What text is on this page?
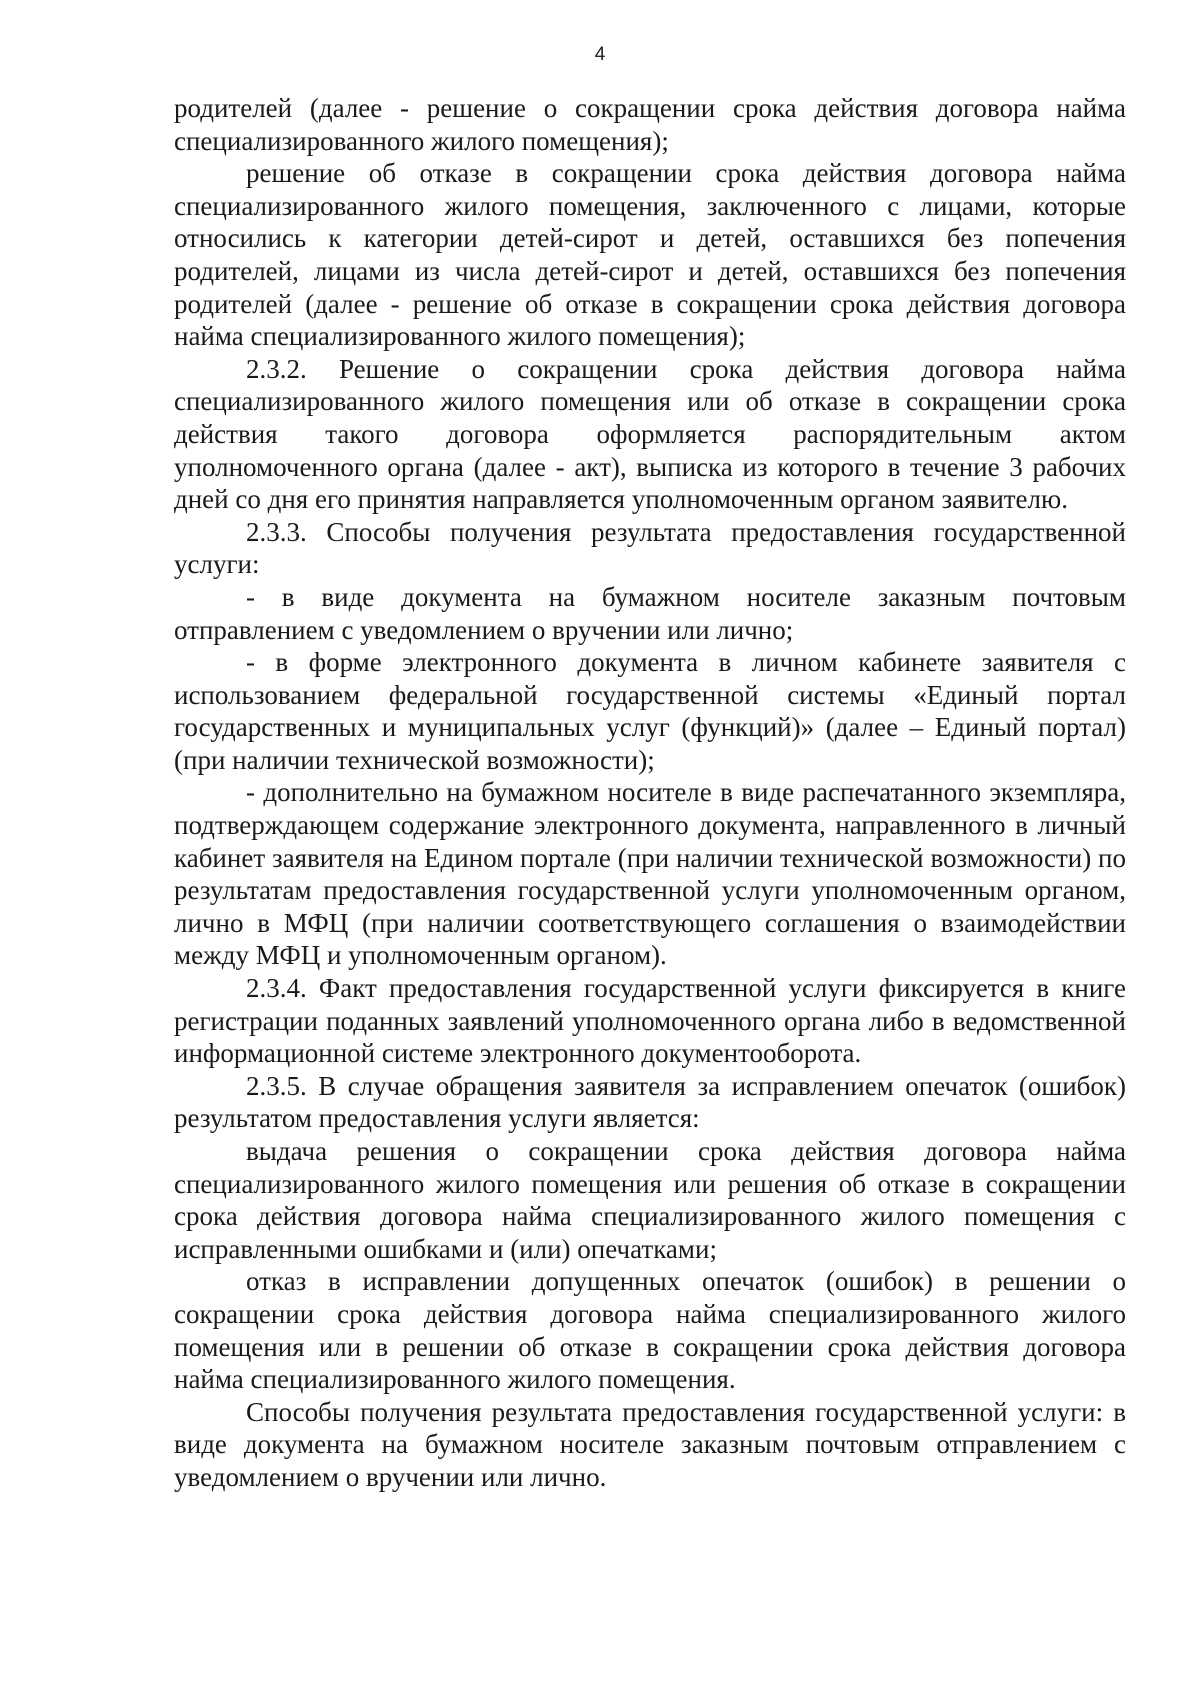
4

родителей (далее - решение о сокращении срока действия договора найма специализированного жилого помещения);

решение об отказе в сокращении срока действия договора найма специализированного жилого помещения, заключенного с лицами, которые относились к категории детей-сирот и детей, оставшихся без попечения родителей, лицами из числа детей-сирот и детей, оставшихся без попечения родителей (далее - решение об отказе в сокращении срока действия договора найма специализированного жилого помещения);

2.3.2. Решение о сокращении срока действия договора найма специализированного жилого помещения или об отказе в сокращении срока действия такого договора оформляется распорядительным актом уполномоченного органа (далее - акт), выписка из которого в течение 3 рабочих дней со дня его принятия направляется уполномоченным органом заявителю.

2.3.3. Способы получения результата предоставления государственной услуги:

- в виде документа на бумажном носителе заказным почтовым отправлением с уведомлением о вручении или лично;

- в форме электронного документа в личном кабинете заявителя с использованием федеральной государственной системы «Единый портал государственных и муниципальных услуг (функций)» (далее – Единый портал) (при наличии технической возможности);

- дополнительно на бумажном носителе в виде распечатанного экземпляра, подтверждающем содержание электронного документа, направленного в личный кабинет заявителя на Едином портале (при наличии технической возможности) по результатам предоставления государственной услуги уполномоченным органом, лично в МФЦ (при наличии соответствующего соглашения о взаимодействии между МФЦ и уполномоченным органом).

2.3.4. Факт предоставления государственной услуги фиксируется в книге регистрации поданных заявлений уполномоченного органа либо в ведомственной информационной системе электронного документооборота.

2.3.5. В случае обращения заявителя за исправлением опечаток (ошибок) результатом предоставления услуги является:

выдача решения о сокращении срока действия договора найма специализированного жилого помещения или решения об отказе в сокращении срока действия договора найма специализированного жилого помещения с исправленными ошибками и (или) опечатками;

отказ в исправлении допущенных опечаток (ошибок) в решении о сокращении срока действия договора найма специализированного жилого помещения или в решении об отказе в сокращении срока действия договора найма специализированного жилого помещения.

Способы получения результата предоставления государственной услуги: в виде документа на бумажном носителе заказным почтовым отправлением с уведомлением о вручении или лично.
